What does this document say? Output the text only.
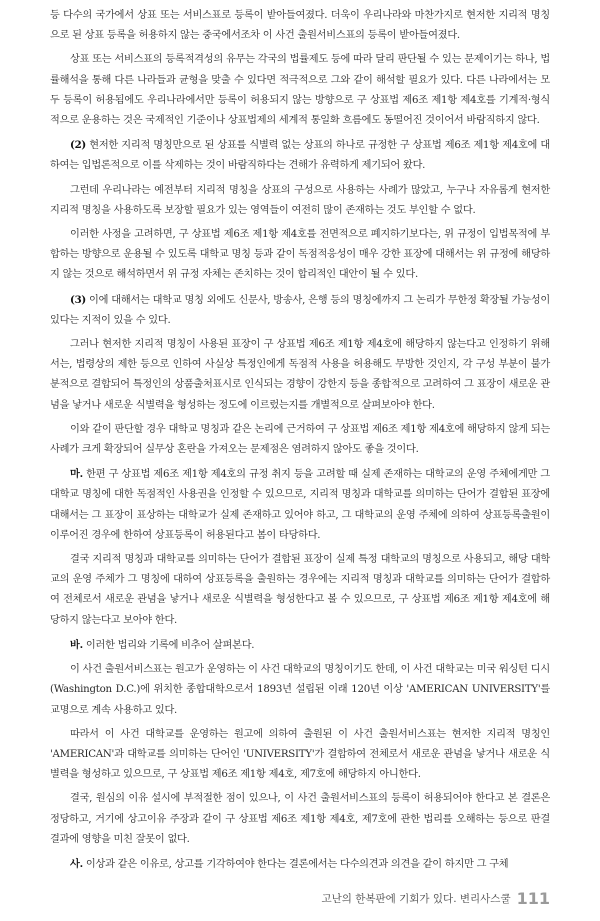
등 다수의 국가에서 상표 또는 서비스표로 등록이 받아들여졌다. 더욱이 우리나라와 마찬가지로 현저한 지리적 명칭으로 된 상표 등록을 허용하지 않는 중국에서조차 이 사건 출원서비스표의 등록이 받아들여졌다.

상표 또는 서비스표의 등록적격성의 유무는 각국의 법률제도 등에 따라 달리 판단될 수 있는 문제이기는 하나, 법률해석을 통해 다른 나라들과 균형을 맞출 수 있다면 적극적으로 그와 같이 해석할 필요가 있다. 다른 나라에서는 모두 등록이 허용됨에도 우리나라에서만 등록이 허용되지 않는 방향으로 구 상표법 제6조 제1항 제4호를 기계적·형식적으로 운용하는 것은 국제적인 기준이나 상표법제의 세계적 통일화 흐름에도 동떨어진 것이어서 바람직하지 않다.

(2) 현저한 지리적 명칭만으로 된 상표를 식별력 없는 상표의 하나로 규정한 구 상표법 제6조 제1항 제4호에 대하여는 입법론적으로 이를 삭제하는 것이 바람직하다는 견해가 유력하게 제기되어 왔다.

그런데 우리나라는 예전부터 지리적 명칭을 상표의 구성으로 사용하는 사례가 많았고, 누구나 자유롭게 현저한 지리적 명칭을 사용하도록 보장할 필요가 있는 영역들이 여전히 많이 존재하는 것도 부인할 수 없다.

이러한 사정을 고려하면, 구 상표법 제6조 제1항 제4호를 전면적으로 폐지하기보다는, 위 규정이 입법목적에 부합하는 방향으로 운용될 수 있도록 대학교 명칭 등과 같이 독점적응성이 매우 강한 표장에 대해서는 위 규정에 해당하지 않는 것으로 해석하면서 위 규정 자체는 존치하는 것이 합리적인 대안이 될 수 있다.

(3) 이에 대해서는 대학교 명칭 외에도 신문사, 방송사, 은행 등의 명칭에까지 그 논리가 무한정 확장될 가능성이 있다는 지적이 있을 수 있다.

그러나 현저한 지리적 명칭이 사용된 표장이 구 상표법 제6조 제1항 제4호에 해당하지 않는다고 인정하기 위해서는, 법령상의 제한 등으로 인하여 사실상 특정인에게 독점적 사용을 허용해도 무방한 것인지, 각 구성 부분이 불가분적으로 결합되어 특정인의 상품출처표시로 인식되는 경향이 강한지 등을 종합적으로 고려하여 그 표장이 새로운 관념을 낳거나 새로운 식별력을 형성하는 정도에 이르렀는지를 개별적으로 살펴보아야 한다.

이와 같이 판단할 경우 대학교 명칭과 같은 논리에 근거하여 구 상표법 제6조 제1항 제4호에 해당하지 않게 되는 사례가 크게 확장되어 실무상 혼란을 가져오는 문제점은 염려하지 않아도 좋을 것이다.

마. 한편 구 상표법 제6조 제1항 제4호의 규정 취지 등을 고려할 때 실제 존재하는 대학교의 운영 주체에게만 그 대학교 명칭에 대한 독점적인 사용권을 인정할 수 있으므로, 지리적 명칭과 대학교를 의미하는 단어가 결합된 표장에 대해서는 그 표장이 표상하는 대학교가 실제 존재하고 있어야 하고, 그 대학교의 운영 주체에 의하여 상표등록출원이 이루어진 경우에 한하여 상표등록이 허용된다고 봄이 타당하다.

결국 지리적 명칭과 대학교를 의미하는 단어가 결합된 표장이 실제 특정 대학교의 명칭으로 사용되고, 해당 대학교의 운영 주체가 그 명칭에 대하여 상표등록을 출원하는 경우에는 지리적 명칭과 대학교를 의미하는 단어가 결합하여 전체로서 새로운 관념을 낳거나 새로운 식별력을 형성한다고 볼 수 있으므로, 구 상표법 제6조 제1항 제4호에 해당하지 않는다고 보아야 한다.

바. 이러한 법리와 기록에 비추어 살펴본다.

이 사건 출원서비스표는 원고가 운영하는 이 사건 대학교의 명칭이기도 한데, 이 사건 대학교는 미국 워싱턴 디시(Washington D.C.)에 위치한 종합대학으로서 1893년 설립된 이래 120년 이상 'AMERICAN UNIVERSITY'를 교명으로 계속 사용하고 있다.

따라서 이 사건 대학교를 운영하는 원고에 의하여 출원된 이 사건 출원서비스표는 현저한 지리적 명칭인 'AMERICAN'과 대학교를 의미하는 단어인 'UNIVERSITY'가 결합하여 전체로서 새로운 관념을 낳거나 새로운 식별력을 형성하고 있으므로, 구 상표법 제6조 제1항 제4호, 제7호에 해당하지 아니한다.

결국, 원심의 이유 설시에 부적절한 점이 있으나, 이 사건 출원서비스표의 등록이 허용되어야 한다고 본 결론은 정당하고, 거기에 상고이유 주장과 같이 구 상표법 제6조 제1항 제4호, 제7호에 관한 법리를 오해하는 등으로 판결 결과에 영향을 미친 잘못이 없다.

사. 이상과 같은 이유로, 상고를 기각하여야 한다는 결론에서는 다수의견과 의견을 같이 하지만 그 구체

고난의 한복판에 기회가 있다. 변리사스쿨 111
